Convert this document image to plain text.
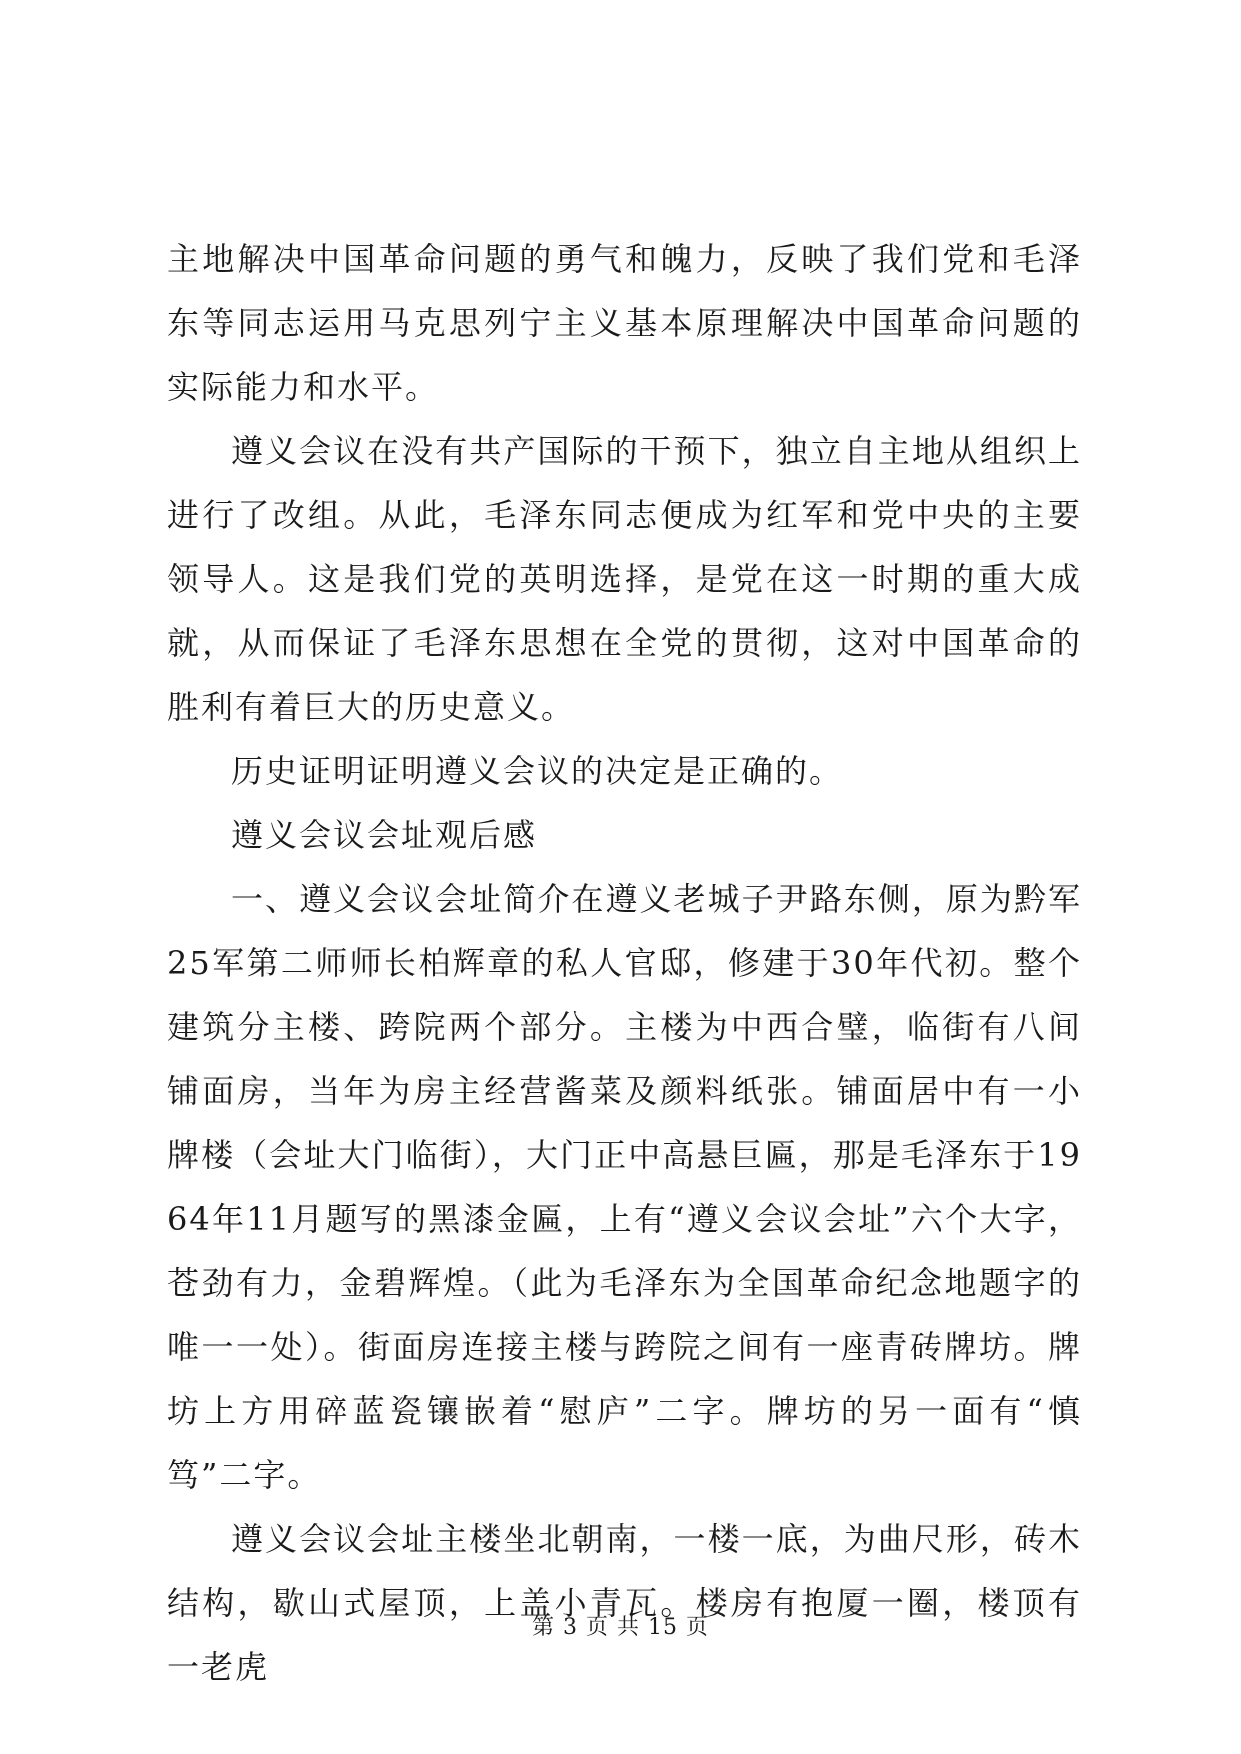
主地解决中国革命问题的勇气和魄力，反映了我们党和毛泽东等同志运用马克思列宁主义基本原理解决中国革命问题的实际能力和水平。

遵义会议在没有共产国际的干预下，独立自主地从组织上进行了改组。从此，毛泽东同志便成为红军和党中央的主要领导人。这是我们党的英明选择，是党在这一时期的重大成就，从而保证了毛泽东思想在全党的贯彻，这对中国革命的胜利有着巨大的历史意义。

历史证明证明遵义会议的决定是正确的。

遵义会议会址观后感

一、遵义会议会址简介在遵义老城子尹路东侧，原为黔军25军第二师师长柏辉章的私人官邸，修建于30年代初。整个建筑分主楼、跨院两个部分。主楼为中西合璧，临街有八间铺面房，当年为房主经营酱菜及颜料纸张。铺面居中有一小牌楼（会址大门临街），大门正中高悬巨匾，那是毛泽东于1964年11月题写的黑漆金匾，上有“遵义会议会址”六个大字，苍劲有力，金碧辉煌。（此为毛泽东为全国革命纪念地题字的唯一一处）。街面房连接主楼与跨院之间有一座青砖牌坊。牌坊上方用碎蓝瓷镶嵌着“慰庐”二字。牌坊的另一面有“慎笃”二字。

遵义会议会址主楼坐北朝南，一楼一底，为曲尺形，砖木结构，歇山式屋顶，上盖小青瓦。楼房有抱厦一圈，楼顶有一老虎

第 3 页 共 15 页
